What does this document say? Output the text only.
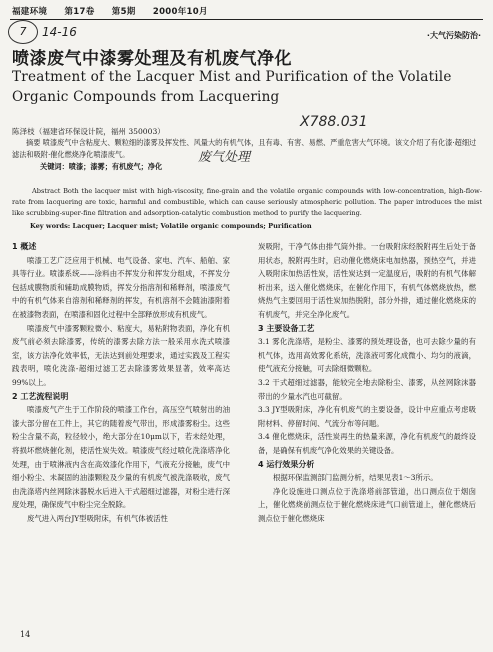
福建环境 第17卷 第5期 2000年10月
7	14-16	·大气污染防治·
喷漆废气中漆雾处理及有机废气净化
Treatment of the Lacquer Mist and Purification of the Volatile
Organic Compounds from Lacquering
陈泽枝（福建省环保设计院，福州 350003）
X788.031
摘要 喷漆废气中含粘度大、颗粒细的漆雾及挥发性、风量大的有机气体，且有毒、有害、易燃、严重危害大气环境。该文介绍了有化漆·超细过滤法和吸附·催化燃烧净化喷漆废气。
关键词：喷漆；漆雾；有机废气；净化
废气处理
Abstract Both the lacquer mist with high-viscosity, fine-grain and the volatile organic compounds with low-concentration, high-flow-rate from lacquering are toxic, harmful and combustible, which can cause seriously atmospheric pollution. The paper introduces the mist like scrubbing-super-fine filtration and adsorption-catalytic combustion method to purify the lacquering.
Key words: Lacquer; Lacquer mist; Volatile organic compounds; Purification
1 概述

喷漆工艺广泛应用于机械、电气设备、家电、汽车、船舶、家具等行业。喷漆系统——涂料由不挥发分和挥发分组成，不挥发分包括成膜物质和辅助成膜物质，挥发分指溶剂和稀释剂，喷漆废气中的有机气体来自溶剂和稀释剂的挥发，有机溶剂不会随油漆附着在被漆物表面，在喷漆和固化过程中全部释放形成有机废气。

喷漆废气中漆雾颗粒微小、粘度大，易粘附物表面，净化有机废气前必须去除漆雾，传统的漆雾去除方法一般采用水洗式喷漆室，该方法净化效率低，无法达到前处理要求，通过实践及工程实践表明，喷化洗涤-超细过滤工艺去除漆雾效果显著，效率高达99%以上。

2 工艺流程说明

喷漆废气产生于工作阶段的喷漆工作台，高压空气喷射出的油漆大部分留在工件上，其它的随着废气带出，形成漆雾粉尘。这些粉尘含量不高，粒径较小，绝大部分在10μm以下，若未经处理，将损坏燃烧催化剂，使活性炭失效。喷漆废气经过喷化洗涤塔净化处理，由于喷淋液内含在高效漆化作用下，气液充分接触，废气中细小粉尘、未凝固的油漆颗粒及少量的有机废气被洗涤吸收，废气由洗涤塔内丝网除沫器脱水后进入干式超细过滤器，对粉尘进行深度处理，确保废气中粉尘完全脱除。

废气进入两台JY型吸附床，有机气体被活性

炭吸附，干净气体由排气筒外排。一台吸附床经脱附再生后处于备用状态，脱附再生时，启动催化燃烧床电加热器，预热空气，并进入吸附床加热活性炭，活性炭达到一定温度后，吸附的有机气体解析出来，送入催化燃烧床，在催化作用下，有机气体燃烧放热，燃烧热气主要回用于活性炭加热脱附，部分外排，通过催化燃烧床的有机废气，并完全净化废气。

3 主要设备工艺

3.1 雾化洗涤塔，是粉尘、漆雾的预处理设备，也可去除少量的有机气体，选用高效雾化系统，洗涤液可雾化成微小、均匀的液滴，使气液充分接触，可去除细微颗粒。

3.2 干式超细过滤器，能较完全地去除粉尘、漆雾，从丝网除沫器带出的少量水汽也可截留。

3.3 JY型吸附床，净化有机废气的主要设备，设计中应重点考虑吸附材料、停留时间、气流分布等问题。

3.4 催化燃烧床，活性炭再生的热量来源，净化有机废气的最终设备，是确保有机废气净化效果的关键设备。

4 运行效果分析

根据环保监测部门监测分析，结果见表1～3所示。

净化设施进口测点位于洗涤塔前部管道，出口测点位于烟囱上，催化燃烧前测点位于催化燃烧床进气口前管道上，催化燃烧后测点位于催化燃烧床

14
